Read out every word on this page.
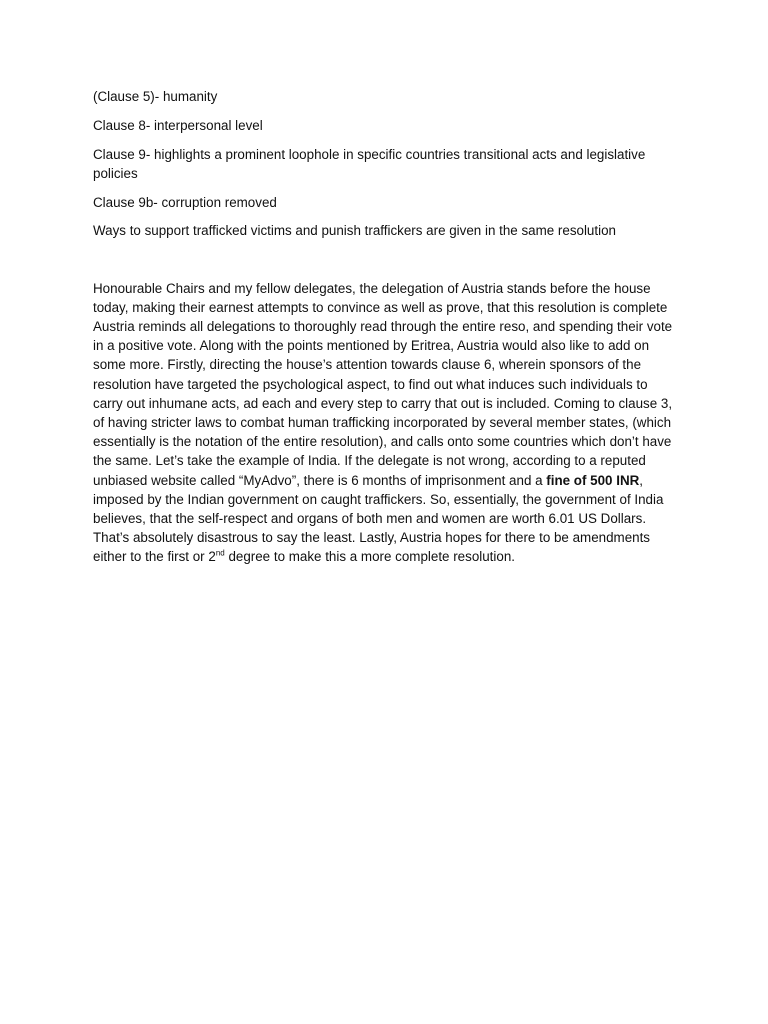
(Clause 5)- humanity

Clause 8- interpersonal level

Clause 9- highlights a prominent loophole in specific countries transitional acts and legislative policies

Clause 9b- corruption removed

Ways to support trafficked victims and punish traffickers are given in the same resolution

Honourable Chairs and my fellow delegates, the delegation of Austria stands before the house today, making their earnest attempts to convince as well as prove, that this resolution is complete Austria reminds all delegations to thoroughly read through the entire reso, and spending their vote in a positive vote. Along with the points mentioned by Eritrea, Austria would also like to add on some more. Firstly, directing the house’s attention towards clause 6, wherein sponsors of the resolution have targeted the psychological aspect, to find out what induces such individuals to carry out inhumane acts, ad each and every step to carry that out is included. Coming to clause 3, of having stricter laws to combat human trafficking incorporated by several member states, (which essentially is the notation of the entire resolution), and calls onto some countries which don’t have the same. Let’s take the example of India. If the delegate is not wrong, according to a reputed unbiased website called “MyAdvo”, there is 6 months of imprisonment and a fine of 500 INR, imposed by the Indian government on caught traffickers. So, essentially, the government of India believes, that the self-respect and organs of both men and women are worth 6.01 US Dollars. That’s absolutely disastrous to say the least. Lastly, Austria hopes for there to be amendments either to the first or 2nd degree to make this a more complete resolution.
